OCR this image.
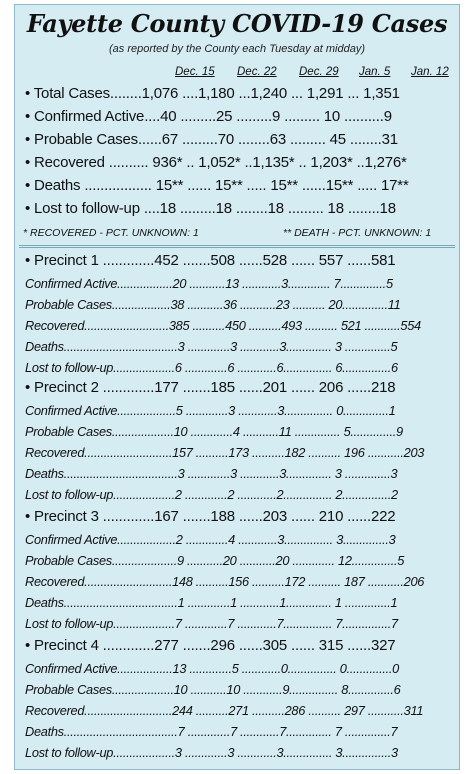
Fayette County COVID-19 Cases
(as reported by the County each Tuesday at midday)
Dec. 15 Dec. 22 Dec. 29 Jan. 5 Jan. 12
• Total Cases........1,076 ....1,180 ...1,240 ... 1,291 ... 1,351
• Confirmed Active....40 .........25 .........9 ......... 10 ..........9
• Probable Cases......67 .........70 ........63 ......... 45 ........31
• Recovered .......... 936* .. 1,052* ..1,135* .. 1,203* ..1,276*
• Deaths ................. 15** ...... 15** ..... 15** ......15** ..... 17**
• Lost to follow-up ....18 .........18 ........18 ......... 18 ........18
* RECOVERED - PCT. UNKNOWN: 1	** DEATH - PCT. UNKNOWN: 1
• Precinct 1 .............452 .......508 ......528 ...... 557 ......581
Confirmed Active.................20 ...........13 ............3............. 7..............5
Probable Cases..................38 ...........36 ...........23 .......... 20..............11
Recovered..........................385 ..........450 ..........493 .......... 521 ...........554
Deaths...................................3 .............3 ............3.............. 3 ..............5
Lost to follow-up...................6 .............6 ............6............... 6...............6
• Precinct 2 .............177 .......185 ......201 ...... 206 ......218
Confirmed Active..................5 .............3 ............3............... 0..............1
Probable Cases...................10 .............4 ...........11 .............. 5..............9
Recovered...........................157 ..........173 ..........182 .......... 196 ...........203
Deaths...................................3 .............3 ............3.............. 3 ..............3
Lost to follow-up...................2 .............2 ............2............... 2...............2
• Precinct 3 .............167 .......188 ......203 ...... 210 ......222
Confirmed Active..................2 .............4 ............3............... 3..............3
Probable Cases....................9 ...........20 ...........20 ............. 12..............5
Recovered...........................148 ..........156 ..........172 .......... 187 ...........206
Deaths...................................1 .............1 ............1.............. 1 ..............1
Lost to follow-up...................7 .............7 ............7............... 7...............7
• Precinct 4 .............277 .......296 ......305 ...... 315 ......327
Confirmed Active.................13 .............5 ............0............... 0..............0
Probable Cases...................10 ...........10 ............9............... 8..............6
Recovered...........................244 ..........271 ..........286 .......... 297 ...........311
Deaths...................................7 .............7 ............7.............. 7 ..............7
Lost to follow-up...................3 .............3 ............3............... 3...............3
